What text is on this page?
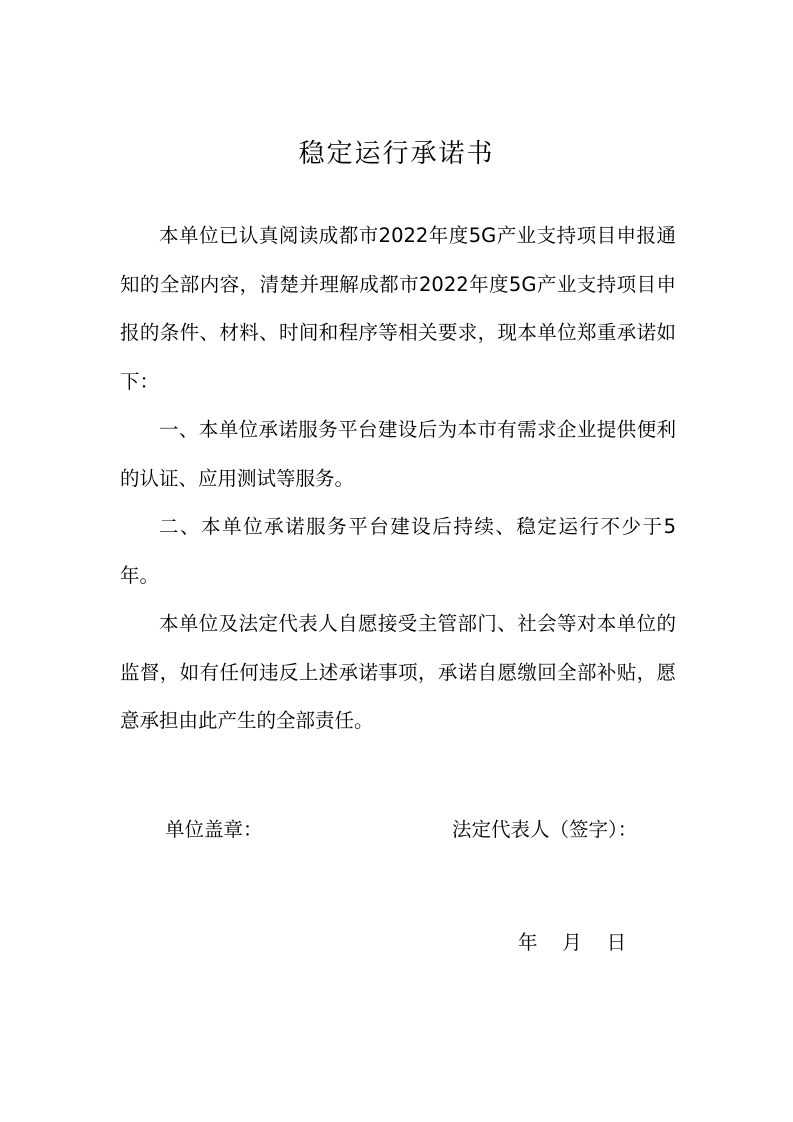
稳定运行承诺书

本单位已认真阅读成都市2022年度5G产业支持项目申报通知的全部内容，清楚并理解成都市2022年度5G产业支持项目申报的条件、材料、时间和程序等相关要求，现本单位郑重承诺如下：

一、本单位承诺服务平台建设后为本市有需求企业提供便利的认证、应用测试等服务。

二、本单位承诺服务平台建设后持续、稳定运行不少于5年。

本单位及法定代表人自愿接受主管部门、社会等对本单位的监督，如有任何违反上述承诺事项，承诺自愿缴回全部补贴，愿意承担由此产生的全部责任。

单位盖章：	法定代表人（签字）：

年    月    日
